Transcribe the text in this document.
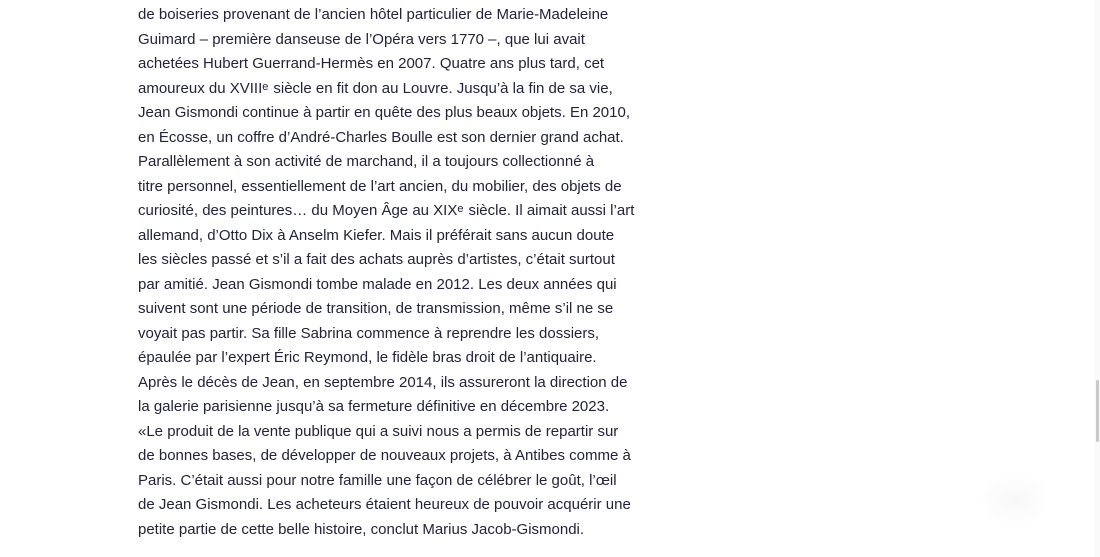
de boiseries provenant de l’ancien hôtel particulier de Marie-Madeleine
Guimard – première danseuse de l’Opéra vers 1770 –, que lui avait
achetées Hubert Guerrand-Hermès en 2007. Quatre ans plus tard, cet
amoureux du XVIIIe siècle en fit don au Louvre. Jusqu’à la fin de sa vie,
Jean Gismondi continue à partir en quête des plus beaux objets. En 2010,
en Écosse, un coffre d’André-Charles Boulle est son dernier grand achat.
Parallèlement à son activité de marchand, il a toujours collectionné à
titre personnel, essentiellement de l’art ancien, du mobilier, des objets de
curiosité, des peintures… du Moyen Âge au XIXe siècle. Il aimait aussi l’art
allemand, d’Otto Dix à Anselm Kiefer. Mais il préférait sans aucun doute
les siècles passé et s’il a fait des achats auprès d’artistes, c’était surtout
par amitié. Jean Gismondi tombe malade en 2012. Les deux années qui
suivent sont une période de transition, de transmission, même s’il ne se
voyait pas partir. Sa fille Sabrina commence à reprendre les dossiers,
épaulée par l’expert Éric Reymond, le fidèle bras droit de l’antiquaire.
Après le décès de Jean, en septembre 2014, ils assureront la direction de
la galerie parisienne jusqu’à sa fermeture définitive en décembre 2023.
«Le produit de la vente publique qui a suivi nous a permis de repartir sur
de bonnes bases, de développer de nouveaux projets, à Antibes comme à
Paris. C’était aussi pour notre famille une façon de célébrer le goût, l’œil
de Jean Gismondi. Les acheteurs étaient heureux de pouvoir acquérir une
petite partie de cette belle histoire, conclut Marius Jacob-Gismondi.
